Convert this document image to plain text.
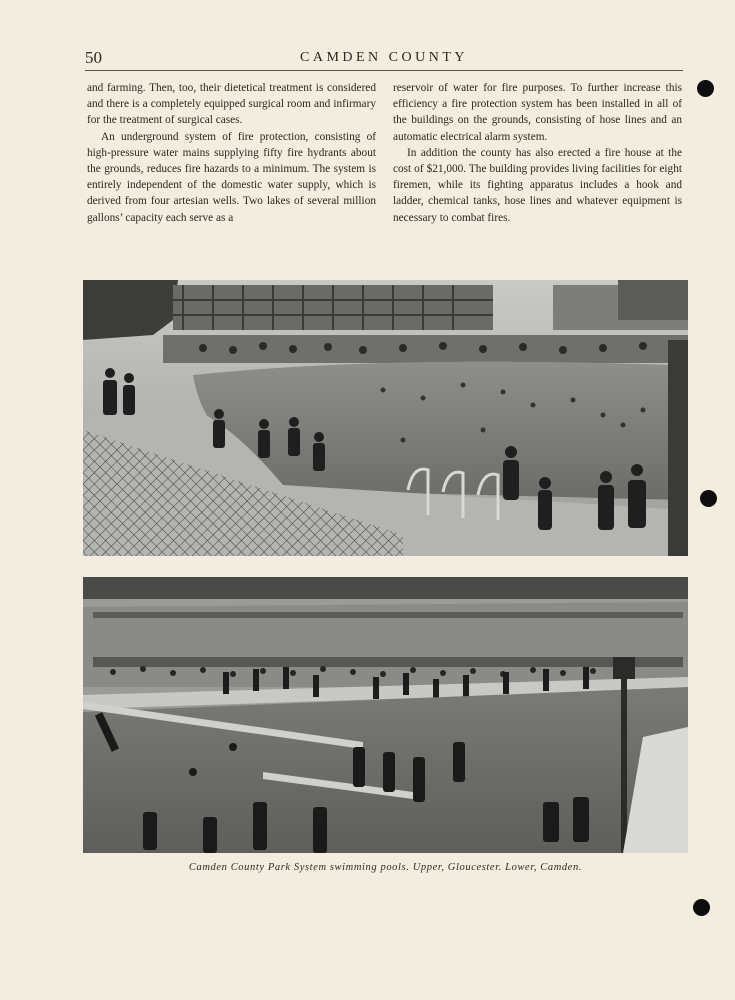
50	CAMDEN COUNTY

and farming. Then, too, their dietetical treatment is considered and there is a completely equipped surgical room and infirmary for the treatment of surgical cases.

An underground system of fire protection, consisting of high-pressure water mains supplying fifty fire hydrants about the grounds, reduces fire hazards to a minimum. The system is entirely independent of the domestic water supply, which is derived from four artesian wells. Two lakes of several million gallons’ capacity each serve as a

reservoir of water for fire purposes. To further increase this efficiency a fire protection system has been installed in all of the buildings on the grounds, consisting of hose lines and an automatic electrical alarm system.

In addition the county has also erected a fire house at the cost of $21,000. The building provides living facilities for eight firemen, while its fighting apparatus includes a hook and ladder, chemical tanks, hose lines and whatever equipment is necessary to combat fires.

Camden County Park System swimming pools. Upper, Gloucester. Lower, Camden.
